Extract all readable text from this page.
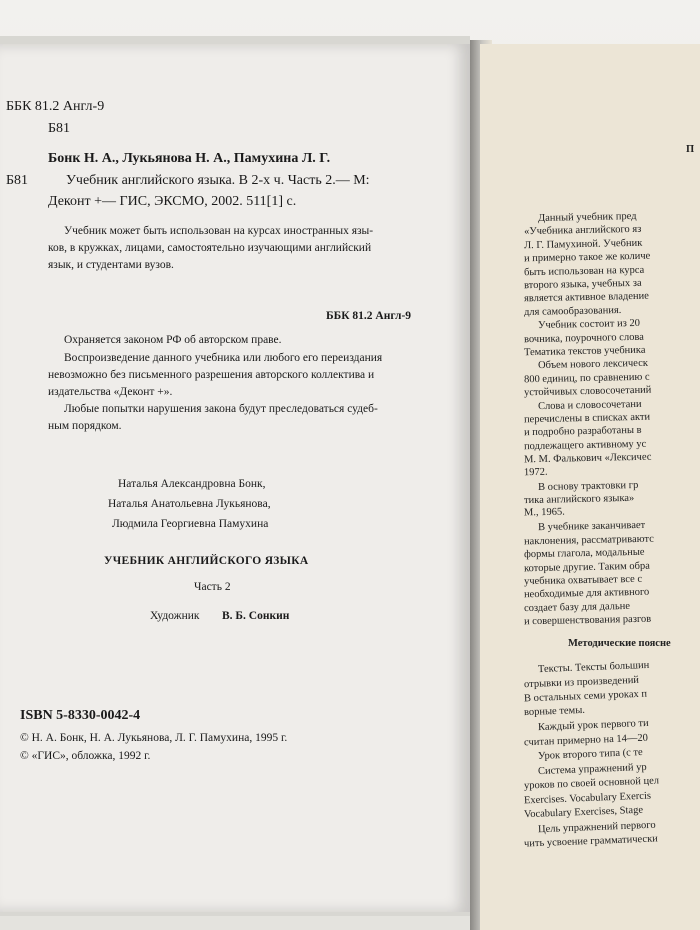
ББК 81.2 Англ-9
Б81
Бонк Н. А., Лукьянова Н. А., Памухина Л. Г.
Б81	Учебник английского языка. В 2-х ч. Часть 2.— М:
Деконт +— ГИС, ЭКСМО, 2002. 511[1] с.
Учебник может быть использован на курсах иностранных язы-
ков, в кружках, лицами, самостоятельно изучающими английский
язык, и студентами вузов.
ББК 81.2 Англ-9
Охраняется законом РФ об авторском праве.
Воспроизведение данного учебника или любого его переиздания
невозможно без письменного разрешения авторского коллектива и
издательства «Деконт +».
Любые попытки нарушения закона будут преследоваться судеб-
ным порядком.
Наталья Александровна Бонк,
Наталья Анатольевна Лукьянова,
Людмила Георгиевна Памухина
УЧЕБНИК АНГЛИЙСКОГО ЯЗЫКА
Часть 2
Художник В. Б. Сонкин
ISBN 5-8330-0042-4
© Н. А. Бонк, Н. А. Лукьянова, Л. Г. Памухина, 1995 г.
© «ГИС», обложка, 1992 г.
П
Данный учебник пред
«Учебника английского яз
Л. Г. Памухиной. Учебник
и примерно такое же количе
быть использован на курса
второго языка, учебных за
является активное владение
для самообразования.
Учебник состоит из 20
вочника, поурочного слова
Тематика текстов учебника
Объем нового лексическ
800 единиц, по сравнению с
устойчивых словосочетаний
Слова и словосочетани
перечислены в списках акти
и подробно разработаны в
подлежащего активному ус
М. М. Фалькович «Лексичес
1972.
В основу трактовки гр
тика английского языка»
М., 1965.
В учебнике заканчивает
наклонения, рассматриваютс
формы глагола, модальные
которые другие. Таким обра
учебника охватывает все с
необходимые для активного
создает базу для дальне
и совершенствования разгов
Методические поясне
Тексты. Тексты большин
отрывки из произведений
В остальных семи уроках п
ворные темы.
Каждый урок первого ти
считан примерно на 14—20
Урок второго типа (с те
Система упражнений ур
уроков по своей основной цел
Exercises. Vocabulary Exercis
Vocabulary Exercises, Stage
Цель упражнений первого
чить усвоение грамматически
